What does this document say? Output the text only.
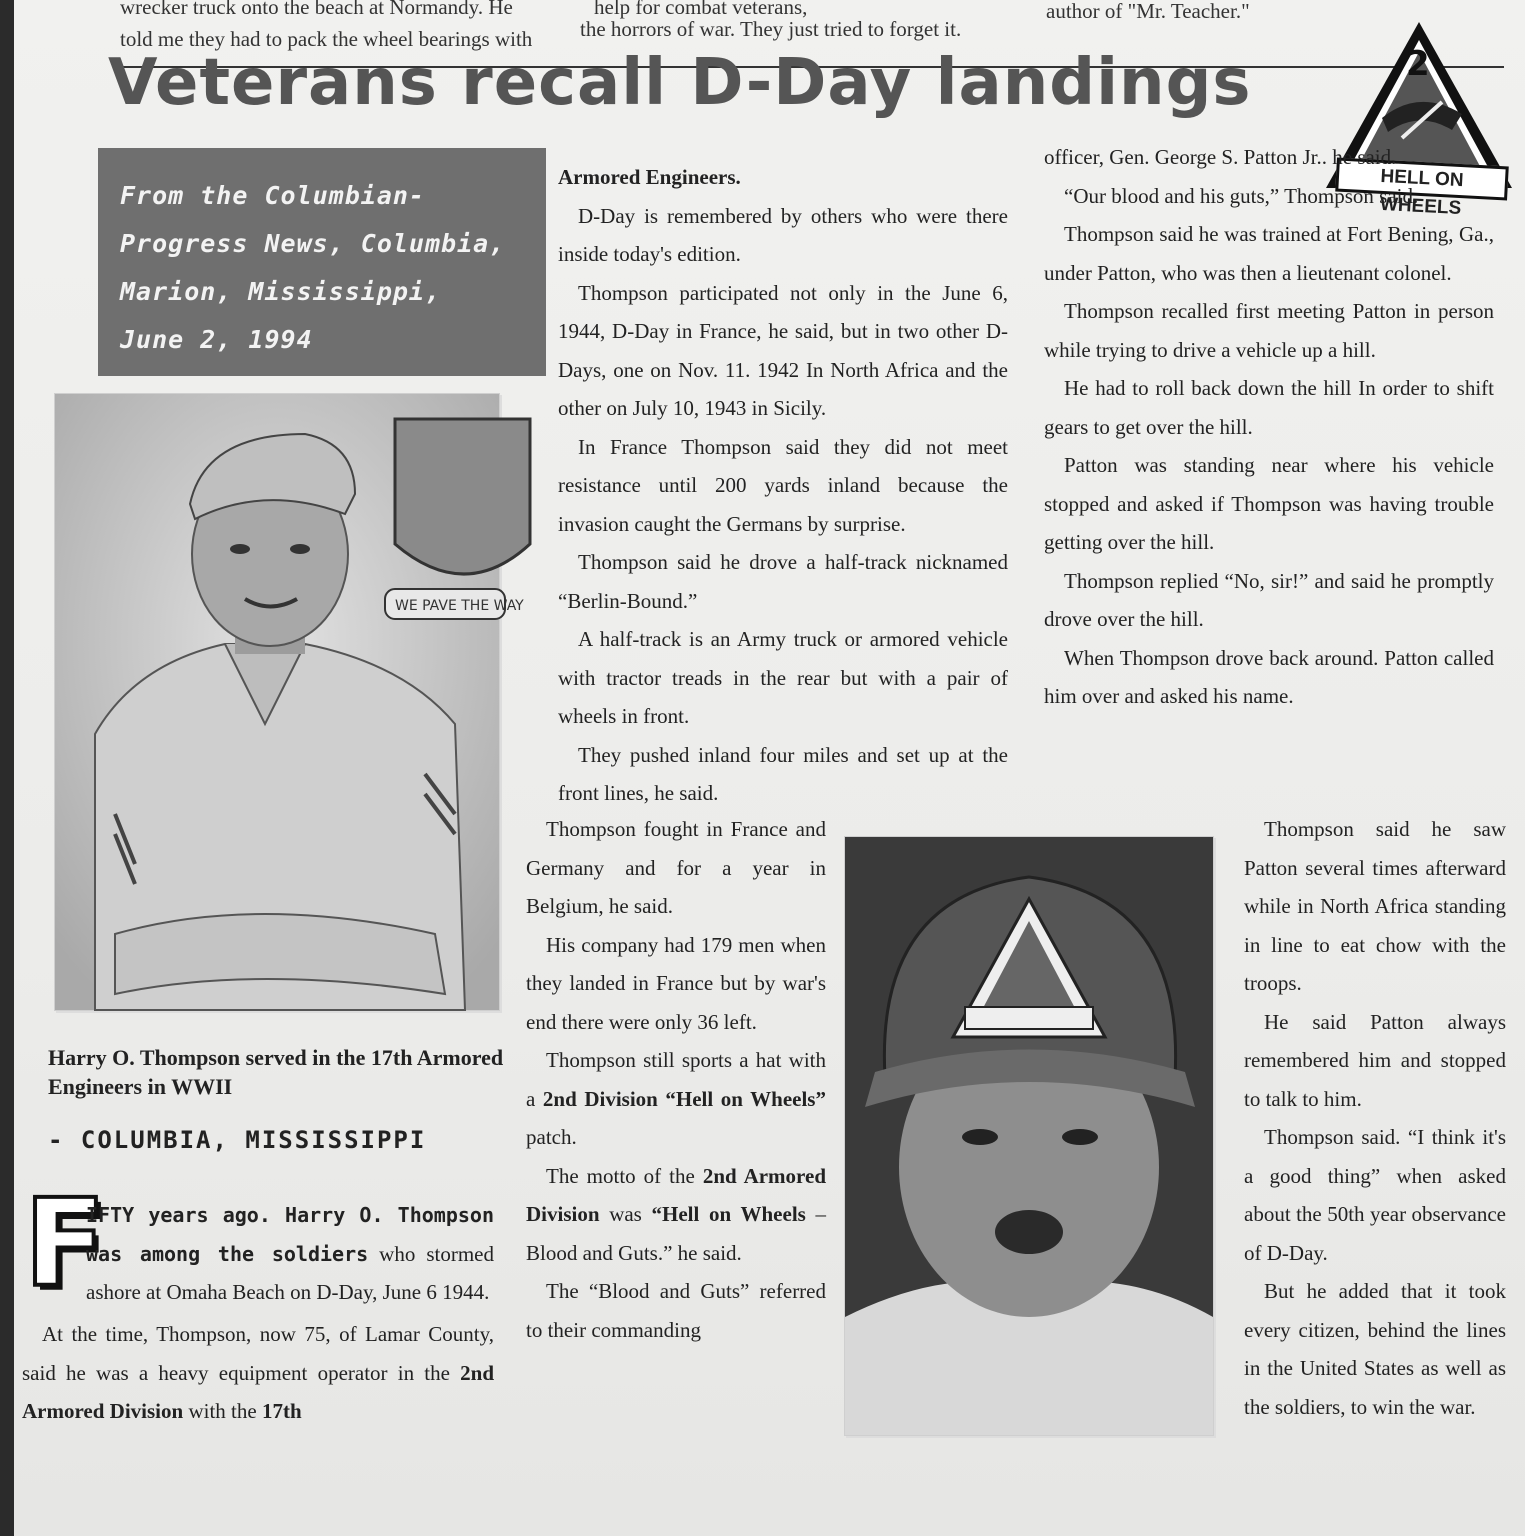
wrecker truck onto the beach at Normandy. He
told me they had to pack the wheel bearings with
help for combat veterans,
the horrors of war. They just tried to forget it.
author of "Mr. Teacher."
Veterans recall D-Day landings	2
HELL ON WHEELS
From the Columbian-
Progress News, Columbia,
Marion, Mississippi,
June 2, 1994
WE PAVE THE WAY
Harry O. Thompson served in the 17th Armored Engineers in WWII
- COLUMBIA, MISSISSIPPI
F

IFTY years ago. Harry O. Thompson was among the soldiers who stormed ashore at Omaha Beach on D-Day, June 6 1944.

At the time, Thompson, now 75, of Lamar County, said he was a heavy equipment operator in the 2nd Armored Division with the 17th

Armored Engineers.

D-Day is remembered by others who were there inside today's edition.

Thompson participated not only in the June 6, 1944, D-Day in France, he said, but in two other D-Days, one on Nov. 11. 1942 In North Africa and the other on July 10, 1943 in Sicily.

In France Thompson said they did not meet resistance until 200 yards inland because the invasion caught the Germans by surprise.

Thompson said he drove a half-track nicknamed “Berlin-Bound.”

A half-track is an Army truck or armored vehicle with tractor treads in the rear but with a pair of wheels in front.

They pushed inland four miles and set up at the front lines, he said.

Thompson fought in France and Germany and for a year in Belgium, he said.

His company had 179 men when they landed in France but by war's end there were only 36 left.

Thompson still sports a hat with a 2nd Division “Hell on Wheels” patch.

The motto of the 2nd Armored Division was “Hell on Wheels – Blood and Guts.” he said.

The “Blood and Guts” referred to their commanding

officer, Gen. George S. Patton Jr.. he said.

“Our blood and his guts,” Thompson said.

Thompson said he was trained at Fort Bening, Ga., under Patton, who was then a lieutenant colonel.

Thompson recalled first meeting Patton in person while trying to drive a vehicle up a hill.

He had to roll back down the hill In order to shift gears to get over the hill.

Patton was standing near where his vehicle stopped and asked if Thompson was having trouble getting over the hill.

Thompson replied “No, sir!” and said he promptly drove over the hill.

When Thompson drove back around. Patton called him over and asked his name.

Thompson said he saw Patton several times afterward while in North Africa standing in line to eat chow with the troops.

He said Patton always remembered him and stopped to talk to him.

Thompson said. “I think it's a good thing” when asked about the 50th year observance of D-Day.

But he added that it took every citizen, behind the lines in the United States as well as the soldiers, to win the war.
